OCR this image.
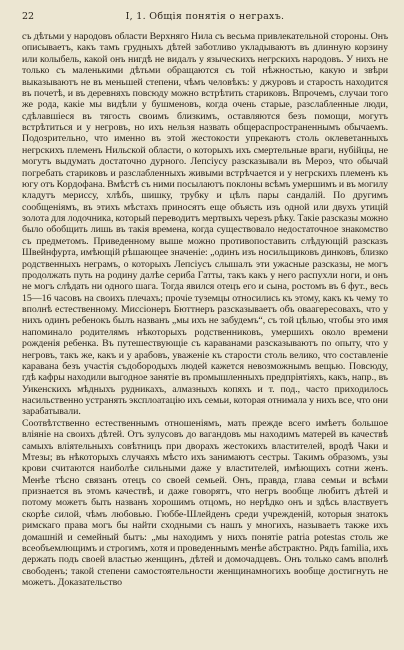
22	I, 1. Общія понятія о неграхъ.

съ дѣтьми у народовъ области Верхняго Нила съ весьма привлекательной стороны. Онъ описываетъ, какъ тамъ грудныхъ дѣтей заботливо укладываютъ въ длинную корзину или колыбель, какой онъ нигдѣ не видалъ у языческихъ негрскихъ народовъ. У нихъ не только съ маленькими дѣтьми обращаются съ той нѣжностью, какую и звѣри выказываютъ не въ меньшей степени, чѣмъ человѣкъ: у джуровъ и старость находится въ почетѣ, и въ деревняхъ повсюду можно встрѣтить стариковъ. Впрочемъ, случаи того же рода, какіе мы видѣли у бушменовъ, когда очень старые, разслабленные люди, сдѣлавшіеся въ тягость своимъ близкимъ, оставляются безъ помощи, могутъ встрѣтиться и у негровъ, но ихъ нельзя назвать общераспространеннымъ обычаемъ. Подозрительно, что именно въ этой жестокости упрекаютъ столь оклеветанныхъ негрскихъ племенъ Нильской области, о которыхъ ихъ смертельные враги, нубійцы, не могутъ выдумать достаточно дурного. Лепсіусу разсказывали въ Мероэ, что обычай погребать стариковъ и разслабленныхъ живыми встрѣчается и у негрскихъ племенъ къ югу отъ Кордофана. Вмѣстѣ съ ними посылаютъ поклоны всѣмъ умершимъ и въ могилу кладутъ мериссу, хлѣбъ, шишку, трубку и цѣлъ пары сандалій. По другимъ сообщеніямъ, въ этихъ мѣстахъ приносятъ еще объясть изъ одной или двухъ утицій золота для лодочника, который переводитъ мертвыхъ черезъ рѣку. Такіе разсказы можно было обобщить лишь въ такія времена, когда существовало недостаточное знакомство съ предметомъ. Приведенному выше можно противопоставить слѣдующій разсказъ Швейнфурта, имѣющій рѣшающее значеніе: „одинъ изъ носильщиковъ динковъ, близко родственныхъ неграмъ, о которыхъ Лепсіусъ слышалъ эти ужасные разсказы, не могъ продолжать путь на родину далѣе сериба Гатты, такъ какъ у него распухли ноги, и онъ не могъ слѣдать ни одного шага. Тогда явился отецъ его и сына, ростомъ въ 6 фут., весь 15—16 часовъ на своихъ плечахъ; прочіе туземцы относились къ этому, какъ къ чему то вполнѣ естественному. Миссіонеръ Бюттнеръ разсказываетъ объ оваагересовахъ, что у нихъ одинъ ребенокъ былъ названъ „мы ихъ не забудемъ“, съ той цѣлью, чтобы это имя напоминало родителямъ нѣкоторыхъ родственниковъ, умершихъ около времени рожденія ребенка. Въ путешествующіе съ караванами разсказываютъ по опыту, что у негровъ, такъ же, какъ и у арабовъ, уваженіе къ старости столь велико, что составленіе каравана безъ участія съдобородыхъ людей кажется невозможнымъ вещью. Повсюду, гдѣ кафры находили выгодное занятіе въ промышленныхъ предпріятіяхъ, какъ, напр., въ Уикенскихъ мѣдныхъ рудникахъ, алмазныхъ копяхъ и т. под., часто приходилось насильственно устранять эксплоатацію ихъ семьи, которая отнимала у нихъ все, что они зарабатывали.

Соотвѣтственно естественнымъ отношеніямъ, мать прежде всего имѣетъ большое вліяніе на своихъ дѣтей. Отъ зулусовъ до вагандовъ мы находимъ матерей въ качествѣ самыхъ вліятельныхъ совѣтницъ при дворахъ жестокихъ властителей, вродѣ Чаки и Мтезы; въ нѣкоторыхъ случаяхъ мѣсто ихъ занимаютъ сестры. Такимъ образомъ, узы крови считаются наиболѣе сильными даже у властителей, имѣющихъ сотни женъ. Менѣе тѣсно связанъ отецъ со своей семьей. Онъ, правда, глава семьи и всѣми признается въ этомъ качествѣ, и даже говорятъ, что негръ вообще любитъ дѣтей и потому можетъ быть названъ хорошимъ отцомъ, но нерѣдко онъ и здѣсь властвуетъ скорѣе силой, чѣмъ любовью. Гюббе-Шлейденъ среди учрежденій, которыя знатокъ римскаго права могъ бы найти сходными съ нашъ у многихъ, называетъ также ихъ домашній и семейный бытъ: „мы находимъ у нихъ понятіе patria potestas столь же всеобъемлющимъ и строгимъ, хотя и проведеннымъ менѣе абстрактно. Рядъ familia, ихъ держать подъ своей властью женщинъ, дѣтей и домочадцевъ. Онъ только самъ вполнѣ свободенъ; такой степени самостоятельности женщинамногихъ вообще достигнуть не можетъ. Доказательство
